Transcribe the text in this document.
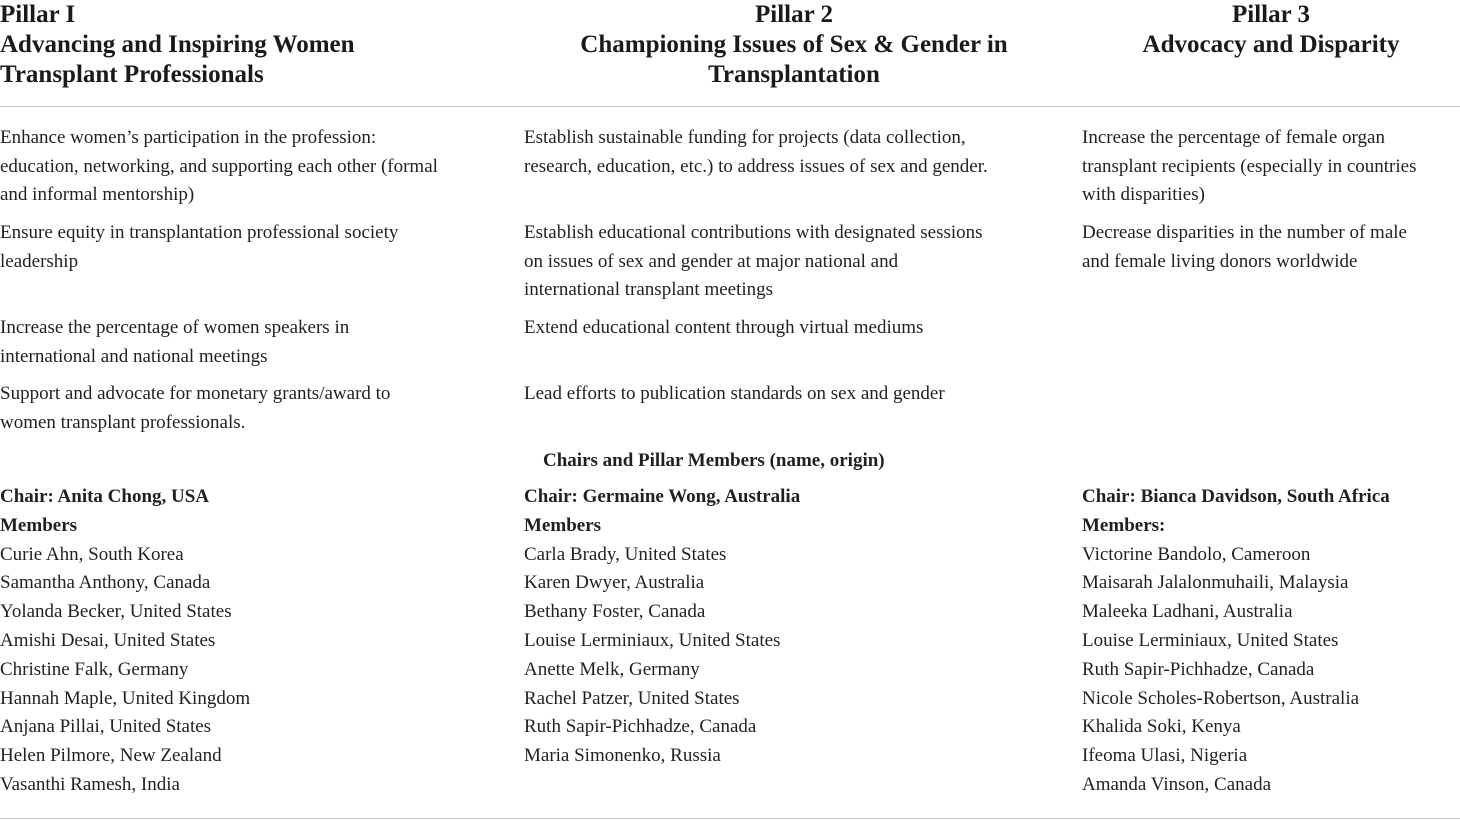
Pillar I
Advancing and Inspiring Women
Transplant Professionals
Pillar 2
Championing Issues of Sex & Gender in
Transplantation
Pillar 3
Advocacy and Disparity
Enhance women’s participation in the profession:
education, networking, and supporting each other (formal
and informal mentorship)
Ensure equity in transplantation professional society
leadership
Increase the percentage of women speakers in
international and national meetings
Support and advocate for monetary grants/award to
women transplant professionals.
Establish sustainable funding for projects (data collection,
research, education, etc.) to address issues of sex and gender.
Establish educational contributions with designated sessions
on issues of sex and gender at major national and
international transplant meetings
Extend educational content through virtual mediums
Lead efforts to publication standards on sex and gender
Increase the percentage of female organ
transplant recipients (especially in countries
with disparities)
Decrease disparities in the number of male
and female living donors worldwide
Chairs and Pillar Members (name, origin)
Chair: Anita Chong, USA
Members
Curie Ahn, South Korea
Samantha Anthony, Canada
Yolanda Becker, United States
Amishi Desai, United States
Christine Falk, Germany
Hannah Maple, United Kingdom
Anjana Pillai, United States
Helen Pilmore, New Zealand
Vasanthi Ramesh, India
Chair: Germaine Wong, Australia
Members
Carla Brady, United States
Karen Dwyer, Australia
Bethany Foster, Canada
Louise Lerminiaux, United States
Anette Melk, Germany
Rachel Patzer, United States
Ruth Sapir-Pichhadze, Canada
Maria Simonenko, Russia
Chair: Bianca Davidson, South Africa
Members:
Victorine Bandolo, Cameroon
Maisarah Jalalonmuhaili, Malaysia
Maleeka Ladhani, Australia
Louise Lerminiaux, United States
Ruth Sapir-Pichhadze, Canada
Nicole Scholes-Robertson, Australia
Khalida Soki, Kenya
Ifeoma Ulasi, Nigeria
Amanda Vinson, Canada
